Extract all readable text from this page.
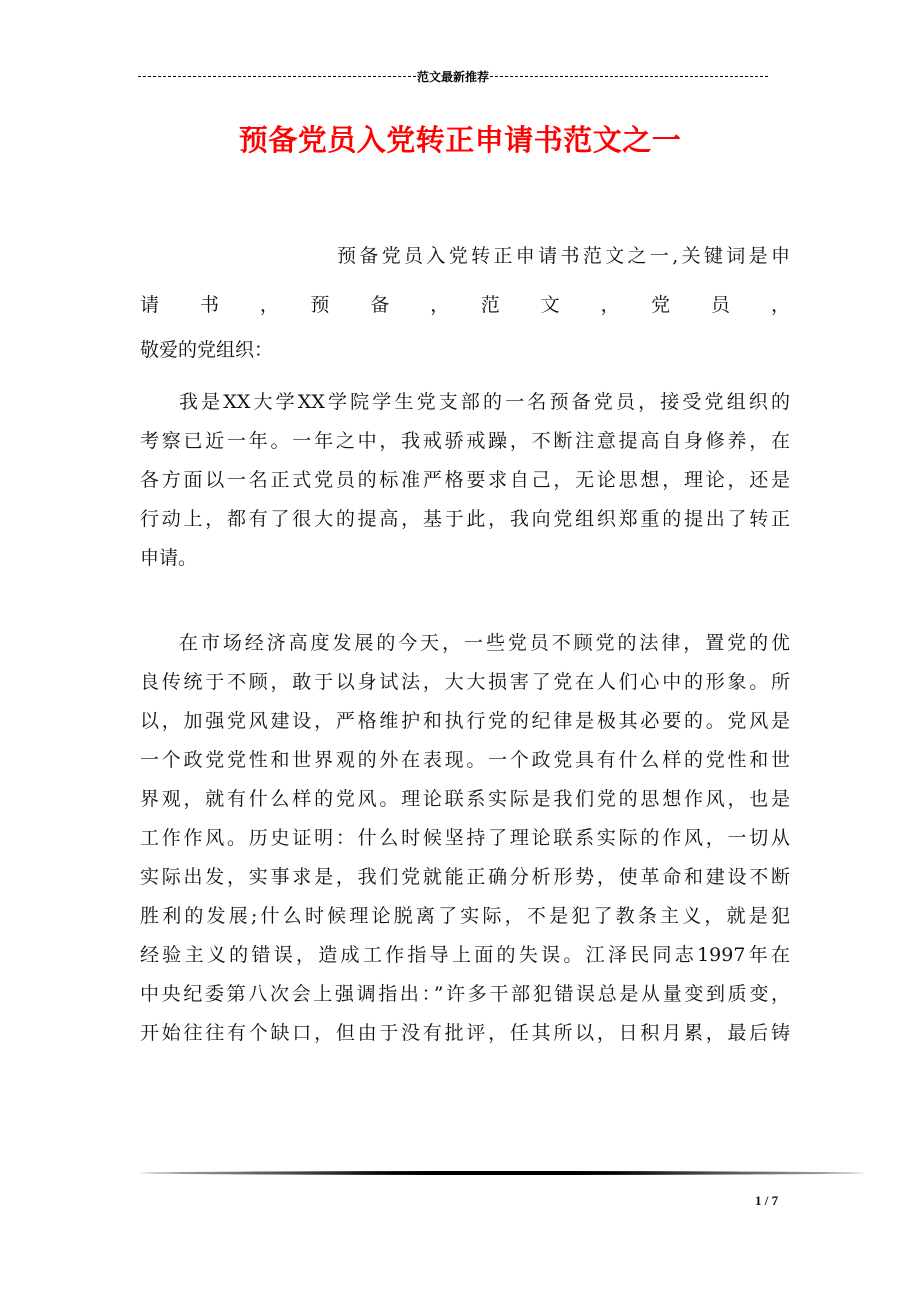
范文最新推荐
预备党员入党转正申请书范文之一
预备党员入党转正申请书范文之一,关键词是申
请　书　，　预　备　，　范　文　，　党　员　，
敬爱的党组织：
我是XX大学XX学院学生党支部的一名预备党员，接受党组织的
考察已近一年。一年之中，我戒骄戒躁，不断注意提高自身修养，在
各方面以一名正式党员的标准严格要求自己，无论思想，理论，还是
行动上，都有了很大的提高，基于此，我向党组织郑重的提出了转正
申请。
在市场经济高度发展的今天，一些党员不顾党的法律，置党的优
良传统于不顾，敢于以身试法，大大损害了党在人们心中的形象。所
以，加强党风建设，严格维护和执行党的纪律是极其必要的。党风是
一个政党党性和世界观的外在表现。一个政党具有什么样的党性和世
界观，就有什么样的党风。理论联系实际是我们党的思想作风，也是
工作作风。历史证明：什么时候坚持了理论联系实际的作风，一切从
实际出发，实事求是，我们党就能正确分析形势，使革命和建设不断
胜利的发展;什么时候理论脱离了实际，不是犯了教条主义，就是犯
经验主义的错误，造成工作指导上面的失误。江泽民同志1997年在
中央纪委第八次会上强调指出：”许多干部犯错误总是从量变到质变，
开始往往有个缺口，但由于没有批评，任其所以，日积月累，最后铸
1 / 7
